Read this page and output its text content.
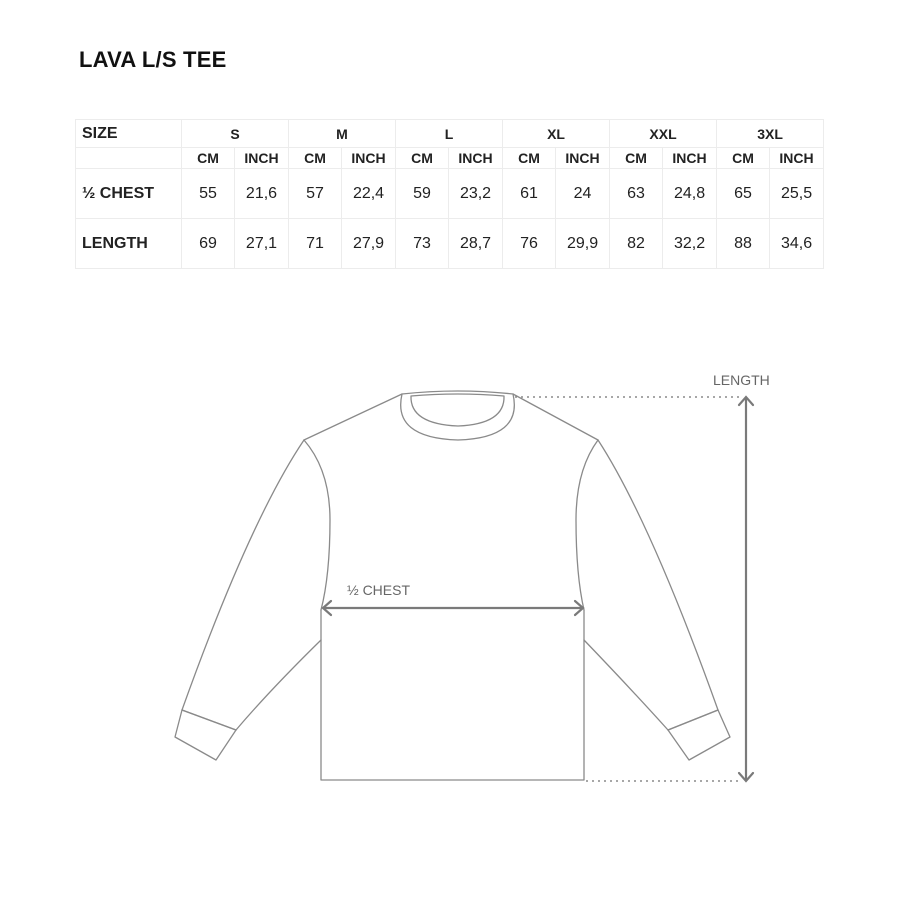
LAVA L/S TEE
SIZE	S		M		L		XL		XXL		3XL	
	CM	INCH	CM	INCH	CM	INCH	CM	INCH	CM	INCH	CM	INCH
½ CHEST	55	21,6	57	22,4	59	23,2	61	24	63	24,8	65	25,5
LENGTH	69	27,1	71	27,9	73	28,7	76	29,9	82	32,2	88	34,6
½ CHEST
LENGTH
